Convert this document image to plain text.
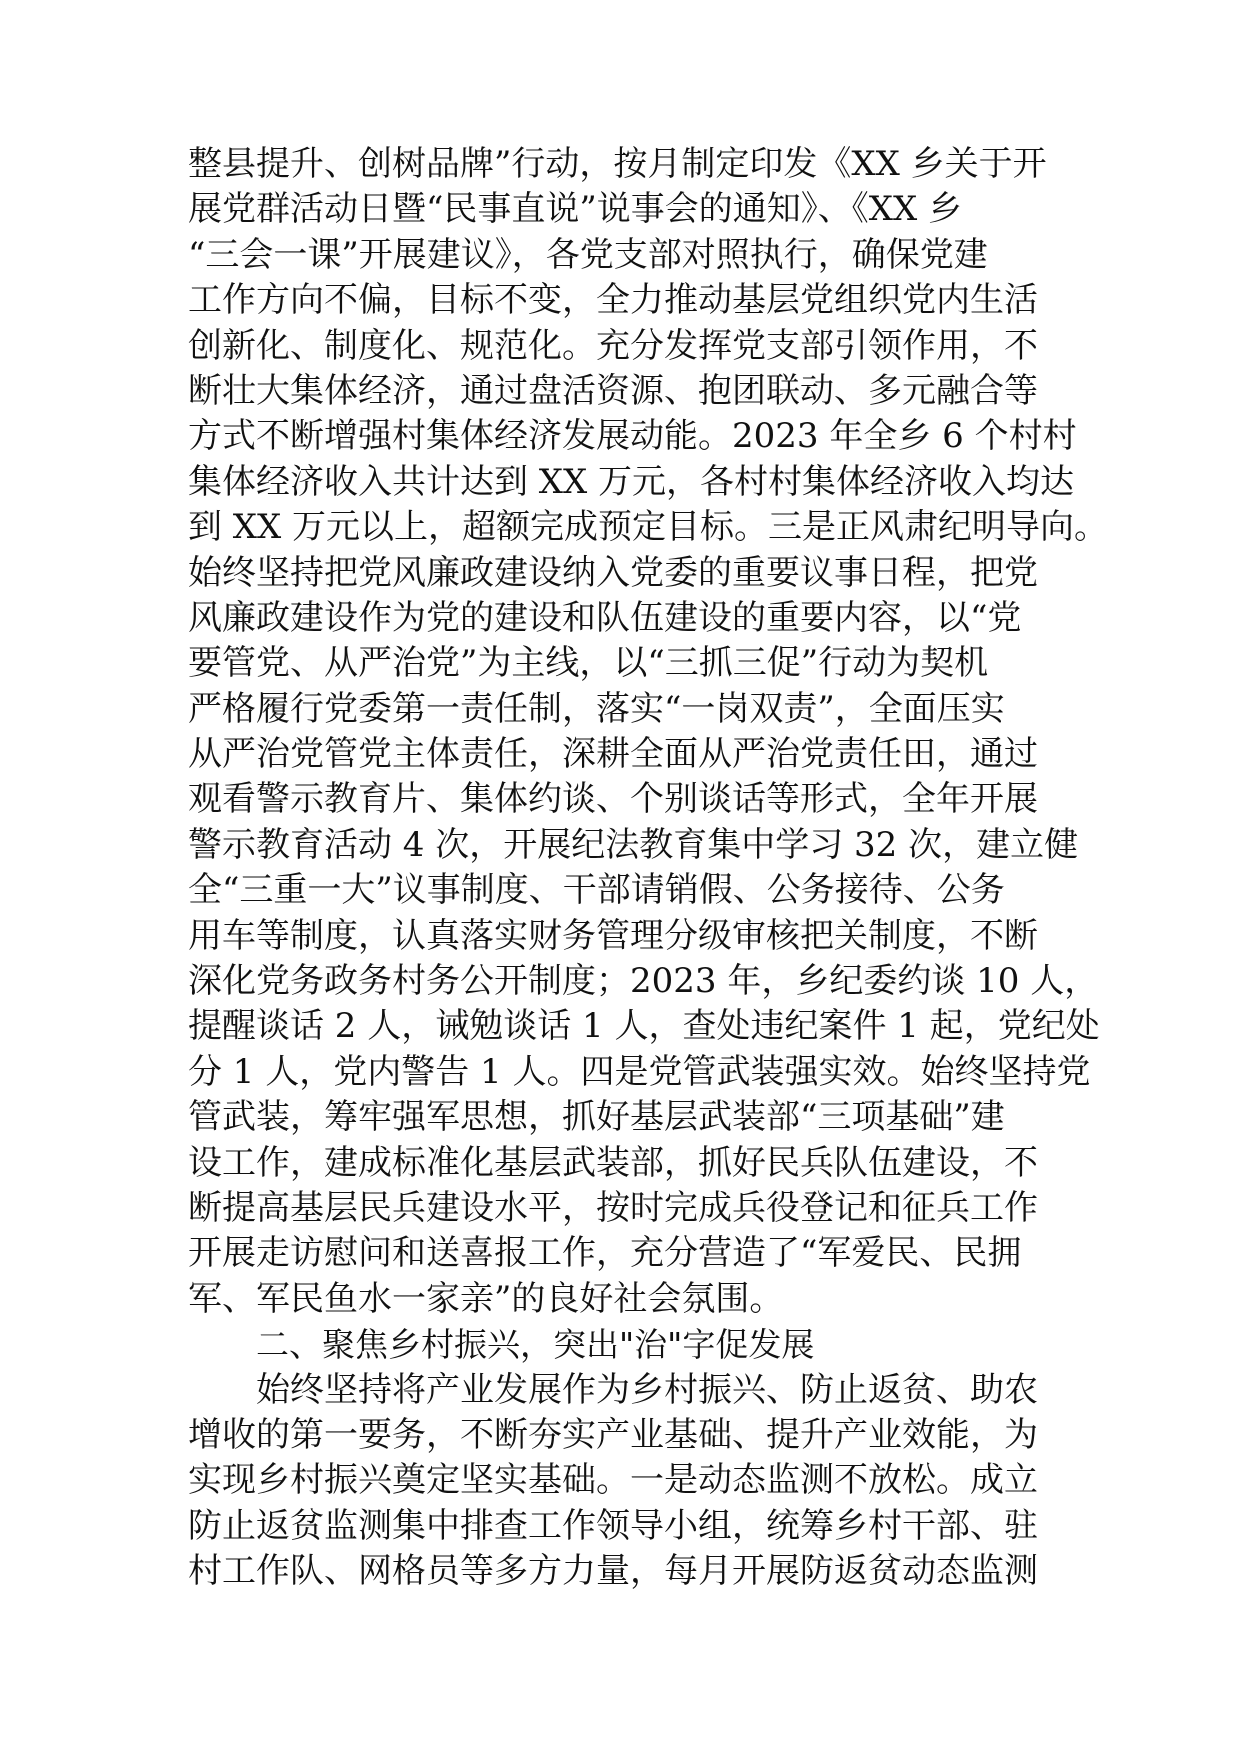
整县提升、创树品牌”行动，按月制定印发《XX 乡关于开
展党群活动日暨“民事直说”说事会的通知》、《XX 乡
“三会一课”开展建议》，各党支部对照执行，确保党建
工作方向不偏，目标不变，全力推动基层党组织党内生活
创新化、制度化、规范化。充分发挥党支部引领作用，不
断壮大集体经济，通过盘活资源、抱团联动、多元融合等
方式不断增强村集体经济发展动能。2023 年全乡 6 个村村
集体经济收入共计达到 XX 万元，各村村集体经济收入均达
到 XX 万元以上，超额完成预定目标。三是正风肃纪明导向。
始终坚持把党风廉政建设纳入党委的重要议事日程，把党
风廉政建设作为党的建设和队伍建设的重要内容，以“党
要管党、从严治党”为主线，以“三抓三促”行动为契机
严格履行党委第一责任制，落实“一岗双责”，全面压实
从严治党管党主体责任，深耕全面从严治党责任田，通过
观看警示教育片、集体约谈、个别谈话等形式，全年开展
警示教育活动 4 次，开展纪法教育集中学习 32 次，建立健
全“三重一大”议事制度、干部请销假、公务接待、公务
用车等制度，认真落实财务管理分级审核把关制度，不断
深化党务政务村务公开制度；2023 年，乡纪委约谈 10 人，
提醒谈话 2 人，诫勉谈话 1 人，查处违纪案件 1 起，党纪处
分 1 人，党内警告 1 人。四是党管武装强实效。始终坚持党
管武装，筹牢强军思想，抓好基层武装部“三项基础”建
设工作，建成标准化基层武装部，抓好民兵队伍建设，不
断提高基层民兵建设水平，按时完成兵役登记和征兵工作
开展走访慰问和送喜报工作，充分营造了“军爱民、民拥
军、军民鱼水一家亲”的良好社会氛围。
二、聚焦乡村振兴，突出"治"字促发展
始终坚持将产业发展作为乡村振兴、防止返贫、助农
增收的第一要务，不断夯实产业基础、提升产业效能，为
实现乡村振兴奠定坚实基础。一是动态监测不放松。成立
防止返贫监测集中排查工作领导小组，统筹乡村干部、驻
村工作队、网格员等多方力量，每月开展防返贫动态监测
